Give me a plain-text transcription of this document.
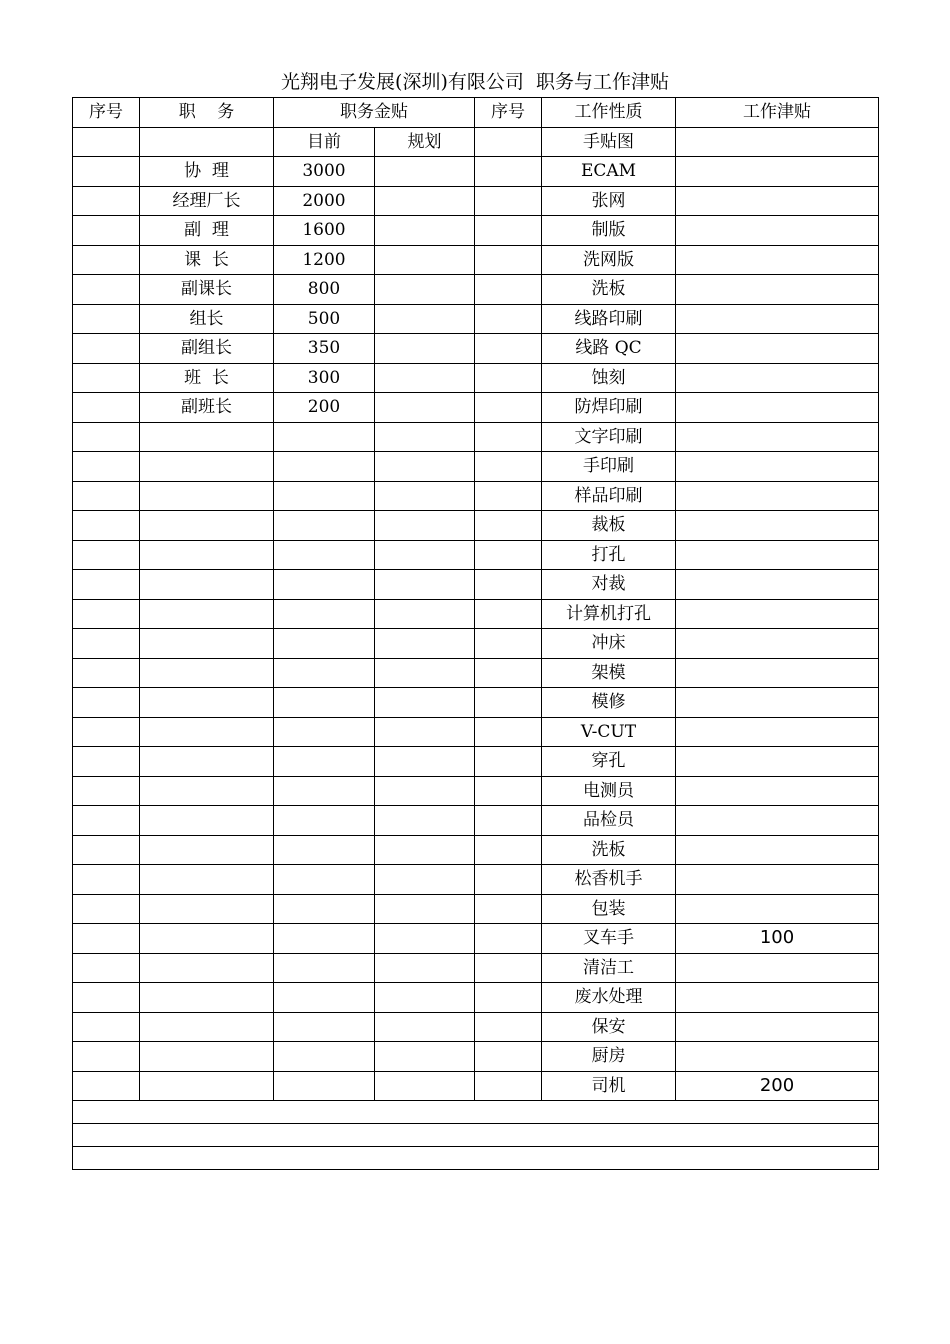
光翔电子发展(深圳)有限公司  职务与工作津贴
序号	职    务	职务金贴		序号	工作性质	工作津贴
		目前	规划		手贴图	
	协  理	3000			ECAM	
	经理厂长	2000			张网	
	副  理	1600			制版	
	课  长	1200			洗网版	
	副课长	800			洗板	
	组长	500			线路印刷	
	副组长	350			线路 QC	
	班  长	300			蚀刻	
	副班长	200			防焊印刷	
					文字印刷	
					手印刷	
					样品印刷	
					裁板	
					打孔	
					对裁	
					计算机打孔	
					冲床	
					架模	
					模修	
					V-CUT	
					穿孔	
					电测员	
					品检员	
					洗板	
					松香机手	
					包装	
					叉车手	100
					清洁工	
					废水处理	
					保安	
					厨房	
					司机	200
